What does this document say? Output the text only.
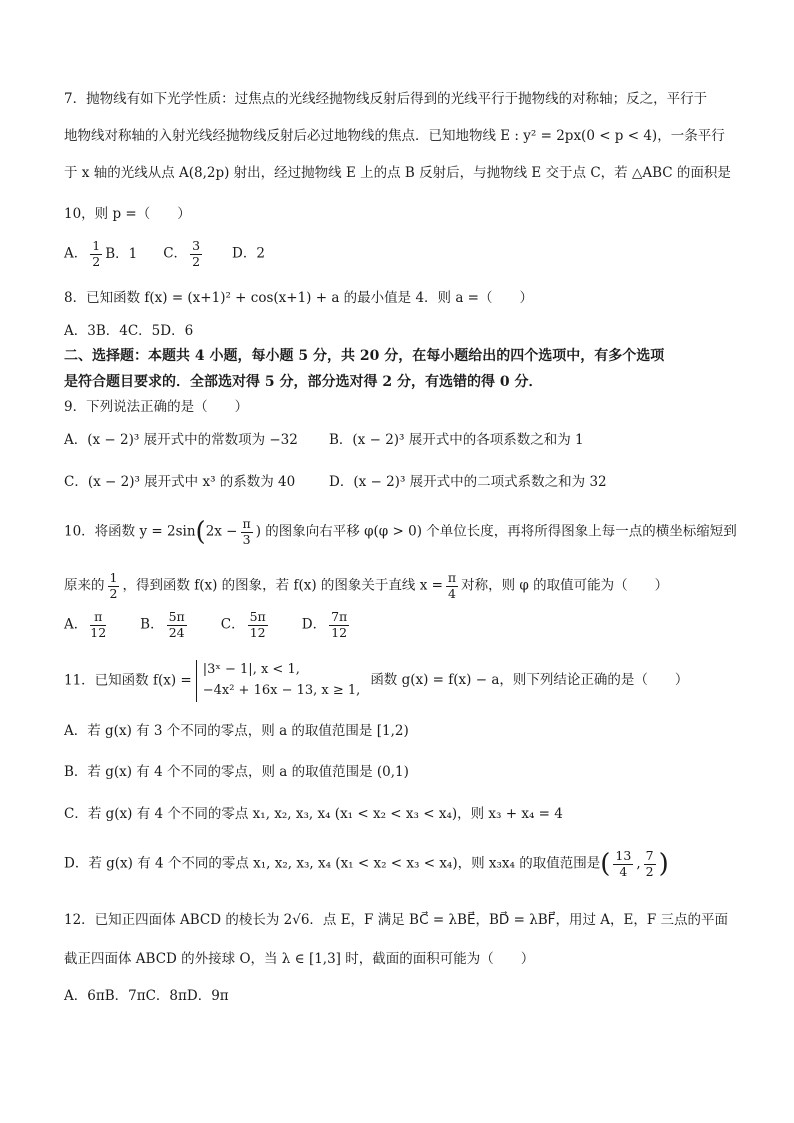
7．抛物线有如下光学性质：过焦点的光线经抛物线反射后得到的光线平行于抛物线的对称轴；反之，平行于
地物线对称轴的入射光线经抛物线反射后必过地物线的焦点．已知地物线 E : y² = 2px(0 < p < 4)，一条平行
于 x 轴的光线从点 A(8,2p) 射出，经过抛物线 E 上的点 B 反射后，与抛物线 E 交于点 C，若 △ABC 的面积是
10，则 p =（　　）
A． $\frac{1}{2}$ B．1 C． $\frac{3}{2}$ D．2
8．已知函数 f(x) = (x+1)² + cos(x+1) + a 的最小值是 4．则 a =（　　）
A．3B．4C．5D．6
二、选择题：本题共 4 小题，每小题 5 分，共 20 分，在每小题给出的四个选项中，有多个选项
是符合题目要求的．全部选对得 5 分，部分选对得 2 分，有选错的得 0 分．
9．下列说法正确的是（　　）
A．(x − 2)³ 展开式中的常数项为 −32 B．(x − 2)³ 展开式中的各项系数之和为 1
C．(x − 2)³ 展开式中 x³ 的系数为 40	D．(x − 2)³ 展开式中的二项式系数之和为 32
10．将函数 $y = 2\sin(2x - \frac{\pi}{3}$ ) 的图象向右平移 φ(φ > 0) 个单位长度，再将所得图象上每一点的横坐标缩短到
原来的 $\frac{1}{2}$ ，得到函数 f(x) 的图象，若 f(x) 的图象关于直线 $x = \frac{\pi}{4}$ 对称，则 φ 的取值可能为（　　）
A． $\frac{\pi}{12}$	B． $\frac{5\pi}{24}$	C． $\frac{5\pi}{12}$	D． $\frac{7\pi}{12}$
11．已知函数 f(x) =
|3ˣ − 1|, x < 1,
−4x² + 16x − 13, x ≥ 1,
函数 g(x) = f(x) − a，则下列结论正确的是（　　）
A．若 g(x) 有 3 个不同的零点，则 a 的取值范围是 [1,2)
B．若 g(x) 有 4 个不同的零点，则 a 的取值范围是 (0,1)
C．若 g(x) 有 4 个不同的零点 x₁, x₂, x₃, x₄ (x₁ < x₂ < x₃ < x₄)，则 x₃ + x₄ = 4
D．若 g(x) 有 4 个不同的零点 x₁, x₂, x₃, x₄ (x₁ < x₂ < x₃ < x₄)，则 x₃x₄ 的取值范围是( $\frac{13}{4}$ , $\frac{7}{2}$ )
12．已知正四面体 ABCD 的棱长为 2√6．点 E，F 满足 BC⃗ = λBE⃗，BD⃗ = λBF⃗，用过 A，E，F 三点的平面
截正四面体 ABCD 的外接球 O，当 λ ∈ [1,3] 时，截面的面积可能为（　　）
A．6πB．7πC．8πD．9π
